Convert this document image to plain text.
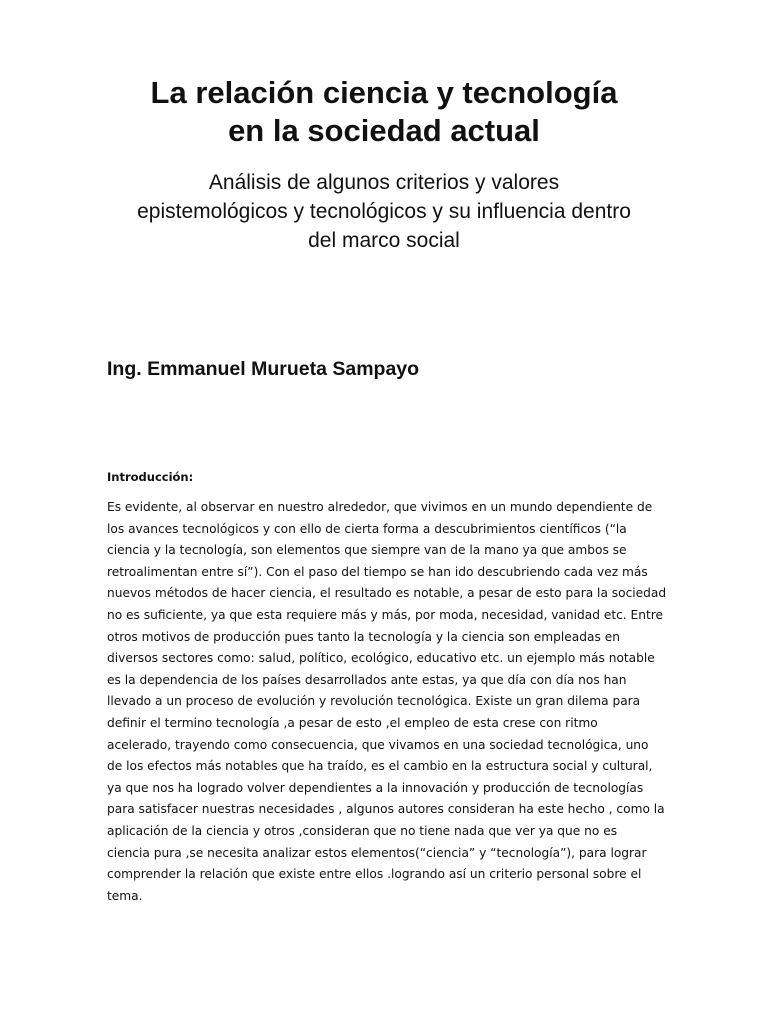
La relación ciencia y tecnología
en la sociedad actual
Análisis de algunos criterios y valores
epistemológicos y tecnológicos y su influencia dentro
del marco social

Ing. Emmanuel Murueta Sampayo

Introducción:

Es evidente, al observar en nuestro alrededor, que vivimos en un mundo dependiente de
los avances tecnológicos y con ello de cierta forma a descubrimientos científicos (“la
ciencia y la tecnología, son elementos que siempre van de la mano ya que ambos se
retroalimentan entre sí”). Con el paso del tiempo se han ido descubriendo cada vez más
nuevos métodos de hacer ciencia, el resultado es notable, a pesar de esto para la sociedad
no es suficiente, ya que esta requiere más y más, por moda, necesidad, vanidad etc. Entre
otros motivos de producción pues tanto la tecnología y la ciencia son empleadas en
diversos sectores como: salud, político, ecológico, educativo etc. un ejemplo más notable
es la dependencia de los países desarrollados ante estas, ya que día con día nos han
llevado a un proceso de evolución y revolución tecnológica. Existe un gran dilema para
definir el termino tecnología ,a pesar de esto ,el empleo de esta crese con ritmo
acelerado, trayendo como consecuencia, que vivamos en una sociedad tecnológica, uno
de los efectos más notables que ha traído, es el cambio en la estructura social y cultural,
ya que nos ha logrado volver dependientes a la innovación y producción de tecnologías
para satisfacer nuestras necesidades , algunos autores consideran ha este hecho , como la
aplicación de la ciencia y otros ,consideran que no tiene nada que ver ya que no es
ciencia pura ,se necesita analizar estos elementos(“ciencia” y “tecnología”), para lograr
comprender la relación que existe entre ellos .logrando así un criterio personal sobre el
tema.
